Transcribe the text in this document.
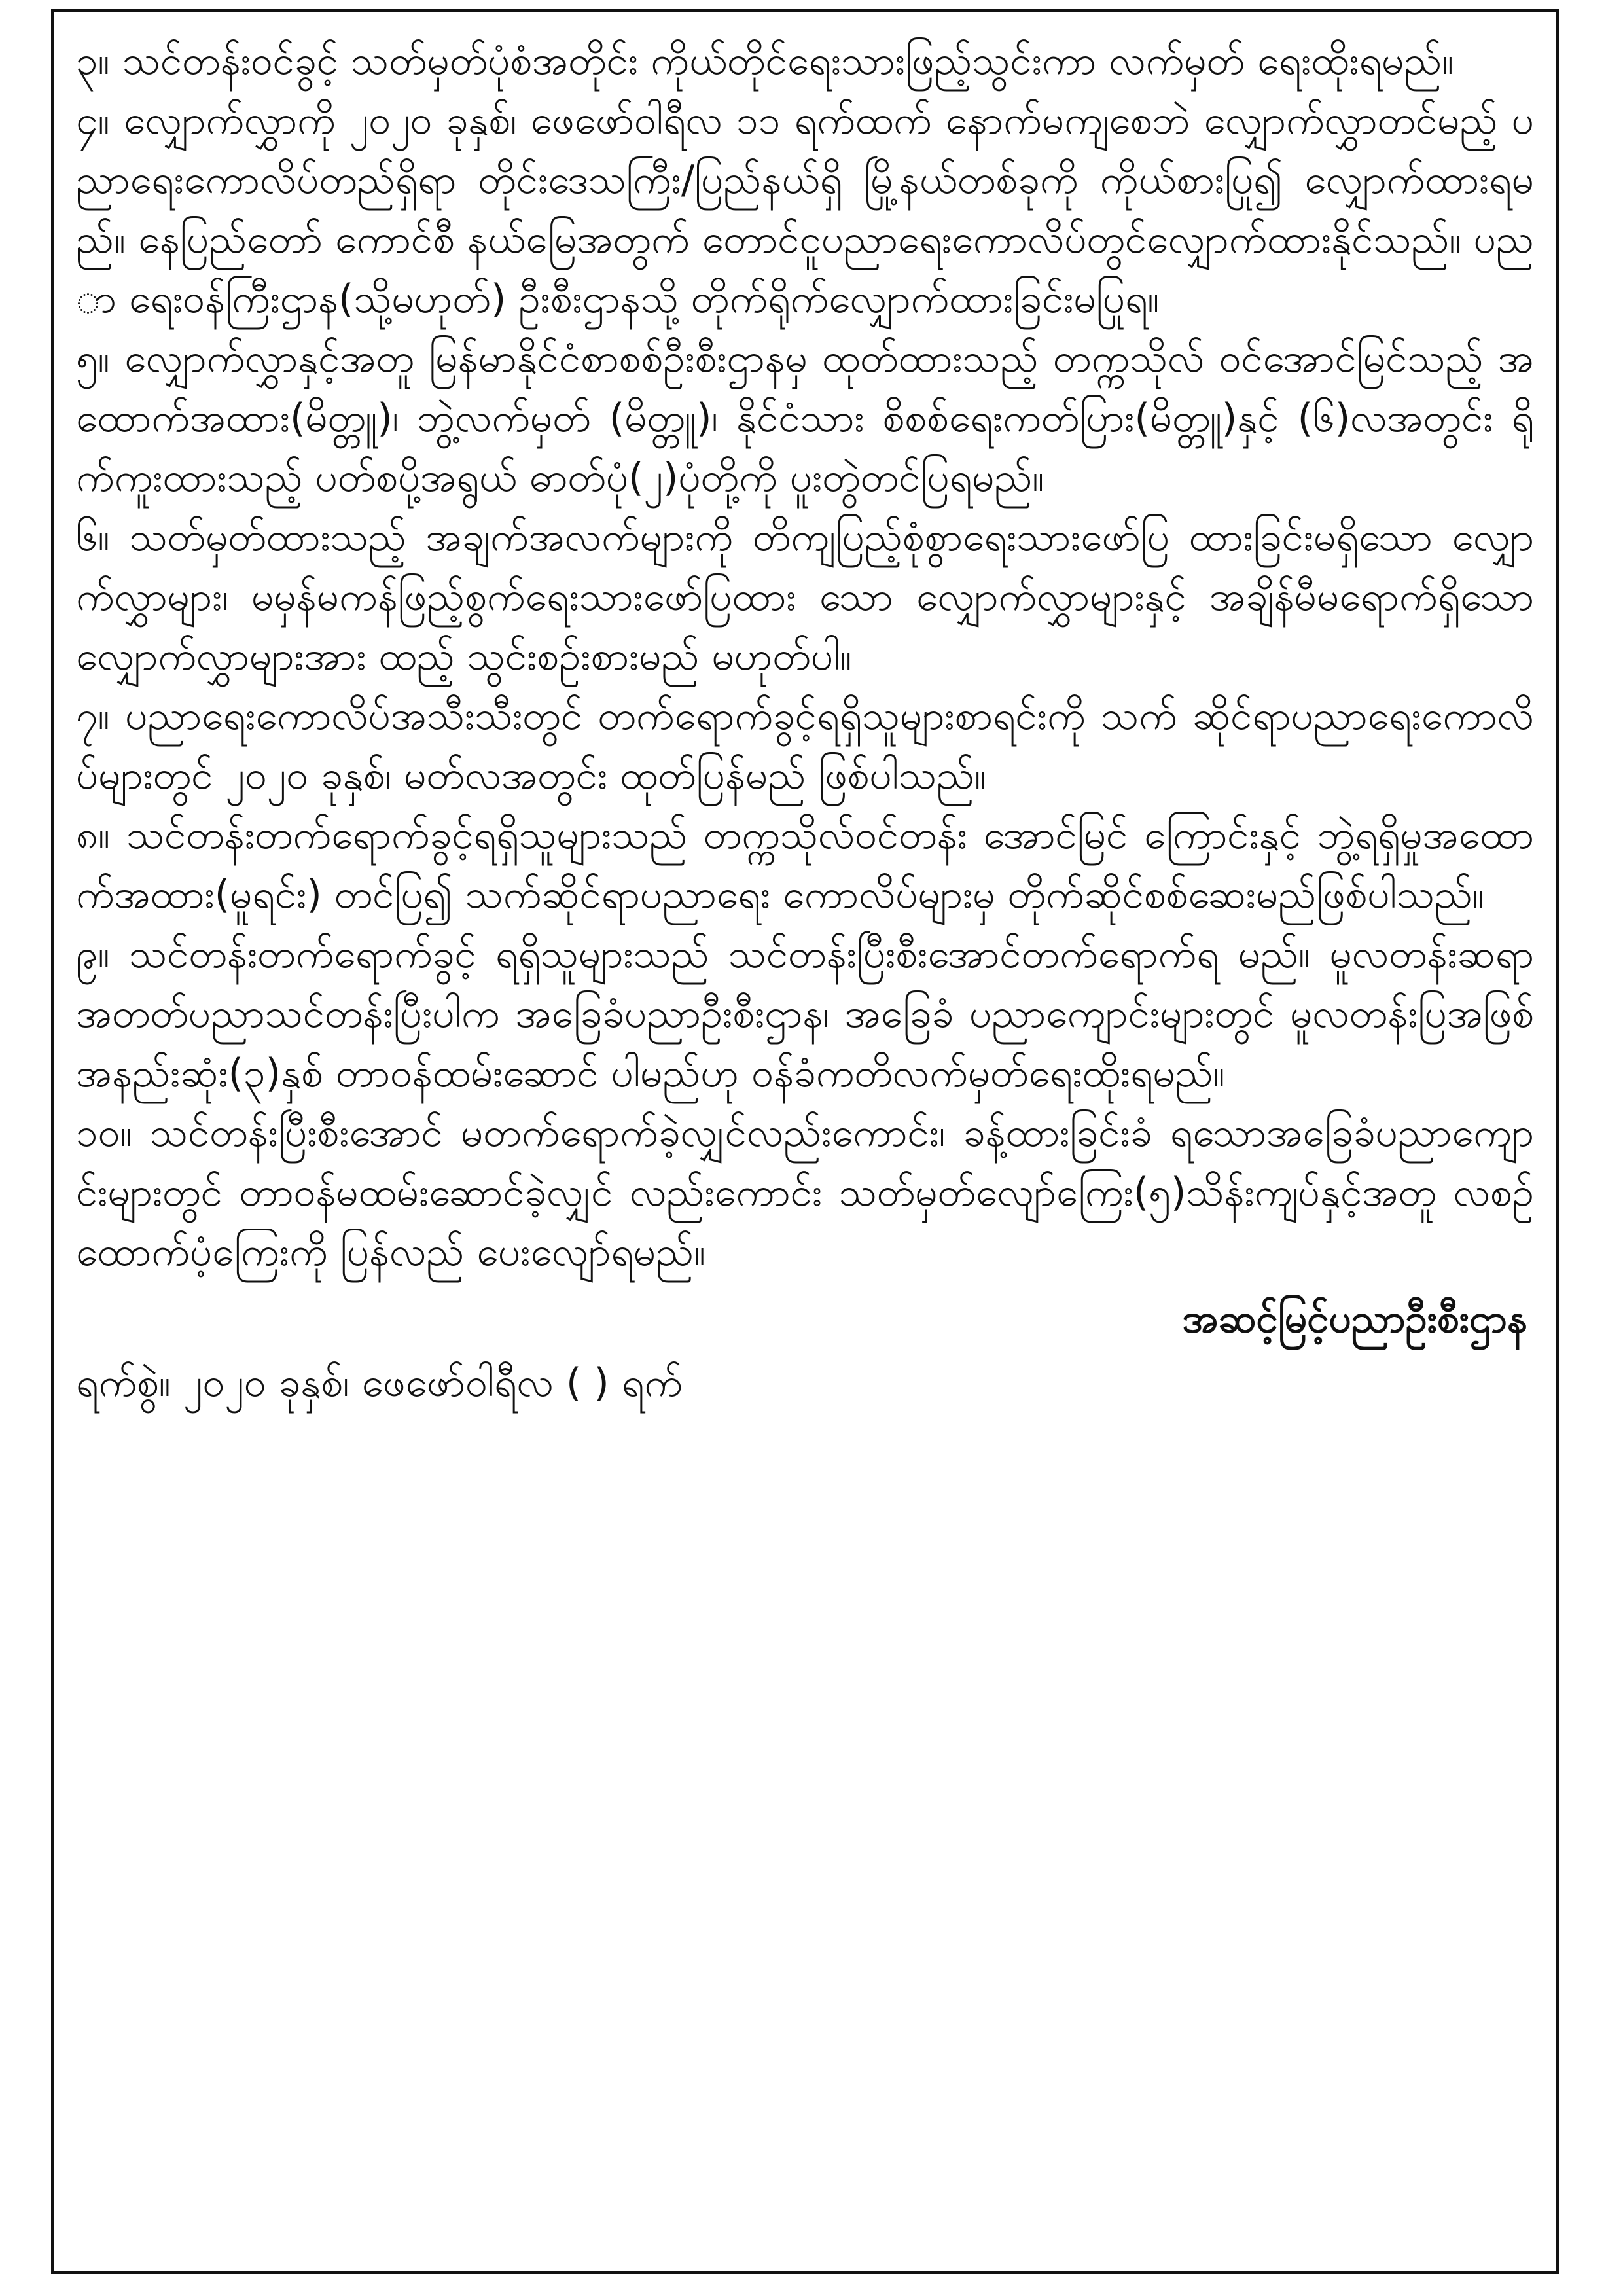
၃။ သင်တန်းဝင်ခွင့် သတ်မှတ်ပုံစံအတိုင်း ကိုယ်တိုင်ရေးသားဖြည့်သွင်းကာ လက်မှတ် ရေးထိုးရမည်။

၄။ လျှောက်လွှာကို ၂၀၂၀ ခုနှစ်၊ ဖေဖော်ဝါရီလ ၁၁ ရက်ထက် နောက်မကျစေဘဲ လျှောက်လွှာတင်မည့် ပညာရေးကောလိပ်တည်ရှိရာ တိုင်းဒေသကြီး/ပြည်နယ်ရှိ မြို့နယ်တစ်ခုကို ကိုယ်စားပြု၍ လျှောက်ထားရမည်။ နေပြည်တော် ကောင်စီ နယ်မြေအတွက် တောင်ငူပညာရေးကောလိပ်တွင်လျှောက်ထားနိုင်သည်။ ပညာ ရေးဝန်ကြီးဌာန(သို့မဟုတ်) ဦးစီးဌာနသို့ တိုက်ရိုက်လျှောက်ထားခြင်းမပြုရ။

၅။ လျှောက်လွှာနှင့်အတူ မြန်မာနိုင်ငံစာစစ်ဦးစီးဌာနမှ ထုတ်ထားသည့် တက္ကသိုလ် ဝင်အောင်မြင်သည့် အထောက်အထား(မိတ္တူ)၊ ဘွဲ့လက်မှတ် (မိတ္တူ)၊ နိုင်ငံသား စိစစ်ရေးကတ်ပြား(မိတ္တူ)နှင့် (၆)လအတွင်း ရိုက်ကူးထားသည့် ပတ်စပို့အရွယ် ဓာတ်ပုံ(၂)ပုံတို့ကို ပူးတွဲတင်ပြရမည်။

၆။ သတ်မှတ်ထားသည့် အချက်အလက်များကို တိကျပြည့်စုံစွာရေးသားဖော်ပြ ထားခြင်းမရှိသော လျှောက်လွှာများ၊ မမှန်မကန်ဖြည့်စွက်ရေးသားဖော်ပြထား သော လျှောက်လွှာများနှင့် အချိန်မီမရောက်ရှိသော လျှောက်လွှာများအား ထည့် သွင်းစဉ်းစားမည် မဟုတ်ပါ။

၇။ ပညာရေးကောလိပ်အသီးသီးတွင် တက်ရောက်ခွင့်ရရှိသူများစာရင်းကို သက် ဆိုင်ရာပညာရေးကောလိပ်များတွင် ၂၀၂၀ ခုနှစ်၊ မတ်လအတွင်း ထုတ်ပြန်မည် ဖြစ်ပါသည်။

၈။ သင်တန်းတက်ရောက်ခွင့်ရရှိသူများသည် တက္ကသိုလ်ဝင်တန်း အောင်မြင် ကြောင်းနှင့် ဘွဲ့ရရှိမှုအထောက်အထား(မူရင်း) တင်ပြ၍ သက်ဆိုင်ရာပညာရေး ကောလိပ်များမှ တိုက်ဆိုင်စစ်ဆေးမည်ဖြစ်ပါသည်။

၉။ သင်တန်းတက်ရောက်ခွင့် ရရှိသူများသည် သင်တန်းပြီးစီးအောင်တက်ရောက်ရ မည်။ မူလတန်းဆရာအတတ်ပညာသင်တန်းပြီးပါက အခြေခံပညာဦးစီးဌာန၊ အခြေခံ ပညာကျောင်းများတွင် မူလတန်းပြအဖြစ် အနည်းဆုံး(၃)နှစ် တာဝန်ထမ်းဆောင် ပါမည်ဟု ဝန်ခံကတိလက်မှတ်ရေးထိုးရမည်။

၁၀။ သင်တန်းပြီးစီးအောင် မတက်ရောက်ခဲ့လျှင်လည်းကောင်း၊ ခန့်ထားခြင်းခံ ရသောအခြေခံပညာကျောင်းများတွင် တာဝန်မထမ်းဆောင်ခဲ့လျှင် လည်းကောင်း သတ်မှတ်လျော်ကြေး(၅)သိန်းကျပ်နှင့်အတူ လစဉ်ထောက်ပံ့ကြေးကို ပြန်လည် ပေးလျော်ရမည်။

အဆင့်မြင့်ပညာဦးစီးဌာန

ရက်စွဲ။ ၂၀၂၀ ခုနှစ်၊ ဖေဖော်ဝါရီလ ( ) ရက်
